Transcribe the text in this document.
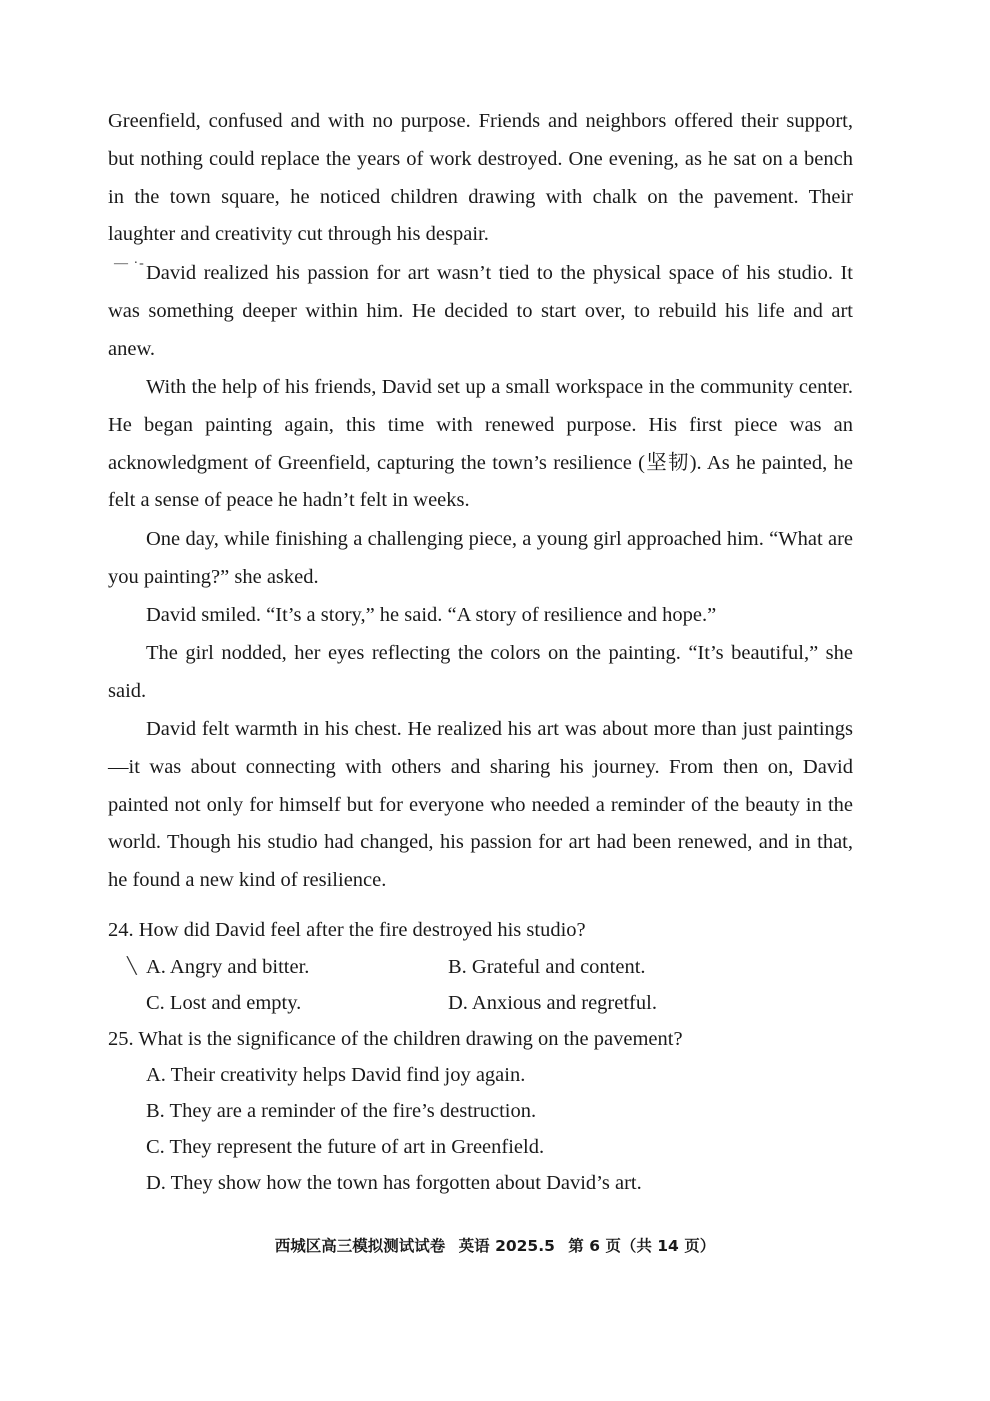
Greenfield, confused and with no purpose. Friends and neighbors offered their support, but nothing could replace the years of work destroyed. One evening, as he sat on a bench in the town square, he noticed children drawing with chalk on the pavement. Their laughter and creativity cut through his despair.

— ·- David realized his passion for art wasn’t tied to the physical space of his studio. It was something deeper within him. He decided to start over, to rebuild his life and art anew.

With the help of his friends, David set up a small workspace in the community center. He began painting again, this time with renewed purpose. His first piece was an acknowledgment of Greenfield, capturing the town’s resilience (坚韧). As he painted, he felt a sense of peace he hadn’t felt in weeks.

One day, while finishing a challenging piece, a young girl approached him. “What are you painting?” she asked.

David smiled. “It’s a story,” he said. “A story of resilience and hope.”

The girl nodded, her eyes reflecting the colors on the painting. “It’s beautiful,” she said.

David felt warmth in his chest. He realized his art was about more than just paintings—it was about connecting with others and sharing his journey. From then on, David painted not only for himself but for everyone who needed a reminder of the beauty in the world. Though his studio had changed, his passion for art had been renewed, and in that, he found a new kind of resilience.

24. How did David feel after the fire destroyed his studio?

╲ A. Angry and bitter.	B. Grateful and content.

C. Lost and empty.	D. Anxious and regretful.

25. What is the significance of the children drawing on the pavement?

A. Their creativity helps David find joy again.

B. They are a reminder of the fire’s destruction.

C. They represent the future of art in Greenfield.

D. They show how the town has forgotten about David’s art.

西城区高三模拟测试试卷 英语 2025.5 第 6 页（共 14 页）
